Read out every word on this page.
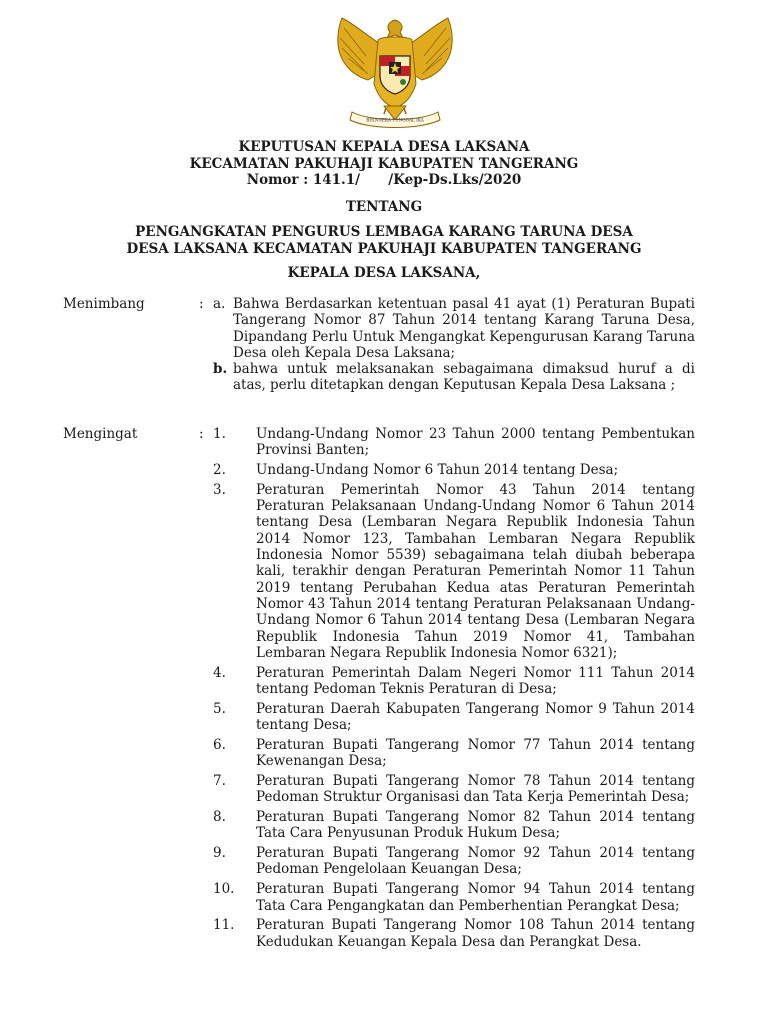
BHINNEKA TUNGGAL IKA
KEPUTUSAN KEPALA DESA LAKSANA
KECAMATAN PAKUHAJI KABUPATEN TANGERANG
Nomor : 141.1/      /Kep-Ds.Lks/2020
TENTANG
PENGANGKATAN PENGURUS LEMBAGA KARANG TARUNA DESA
DESA LAKSANA KECAMATAN PAKUHAJI KABUPATEN TANGERANG
KEPALA DESA LAKSANA,
Menimbang	: a. Bahwa Berdasarkan ketentuan pasal 41 ayat (1) Peraturan Bupati Tangerang Nomor 87 Tahun 2014 tentang Karang Taruna Desa, Dipandang Perlu Untuk Mengangkat Kepengurusan Karang Taruna Desa oleh Kepala Desa Laksana;
b. bahwa untuk melaksanakan sebagaimana dimaksud huruf a di atas, perlu ditetapkan dengan Keputusan Kepala Desa Laksana ;
Mengingat	: 1. Undang-Undang Nomor 23 Tahun 2000 tentang Pembentukan Provinsi Banten;
2. Undang-Undang Nomor 6 Tahun 2014 tentang Desa;
3. Peraturan Pemerintah Nomor 43 Tahun 2014 tentang Peraturan Pelaksanaan Undang-Undang Nomor 6 Tahun 2014 tentang Desa (Lembaran Negara Republik Indonesia Tahun 2014 Nomor 123, Tambahan Lembaran Negara Republik Indonesia Nomor 5539) sebagaimana telah diubah beberapa kali, terakhir dengan Peraturan Pemerintah Nomor 11 Tahun 2019 tentang Perubahan Kedua atas Peraturan Pemerintah Nomor 43 Tahun 2014 tentang Peraturan Pelaksanaan Undang-Undang Nomor 6 Tahun 2014 tentang Desa (Lembaran Negara Republik Indonesia Tahun 2019 Nomor 41, Tambahan Lembaran Negara Republik Indonesia Nomor 6321);
4. Peraturan Pemerintah Dalam Negeri Nomor 111 Tahun 2014 tentang Pedoman Teknis Peraturan di Desa;
5. Peraturan Daerah Kabupaten Tangerang Nomor 9 Tahun 2014 tentang Desa;
6. Peraturan Bupati Tangerang Nomor 77 Tahun 2014 tentang Kewenangan Desa;
7. Peraturan Bupati Tangerang Nomor 78 Tahun 2014 tentang Pedoman Struktur Organisasi dan Tata Kerja Pemerintah Desa;
8. Peraturan Bupati Tangerang Nomor 82 Tahun 2014 tentang Tata Cara Penyusunan Produk Hukum Desa;
9. Peraturan Bupati Tangerang Nomor 92 Tahun 2014 tentang Pedoman Pengelolaan Keuangan Desa;
10. Peraturan Bupati Tangerang Nomor 94 Tahun 2014 tentang Tata Cara Pengangkatan dan Pemberhentian Perangkat Desa;
11. Peraturan Bupati Tangerang Nomor 108 Tahun 2014 tentang Kedudukan Keuangan Kepala Desa dan Perangkat Desa.
